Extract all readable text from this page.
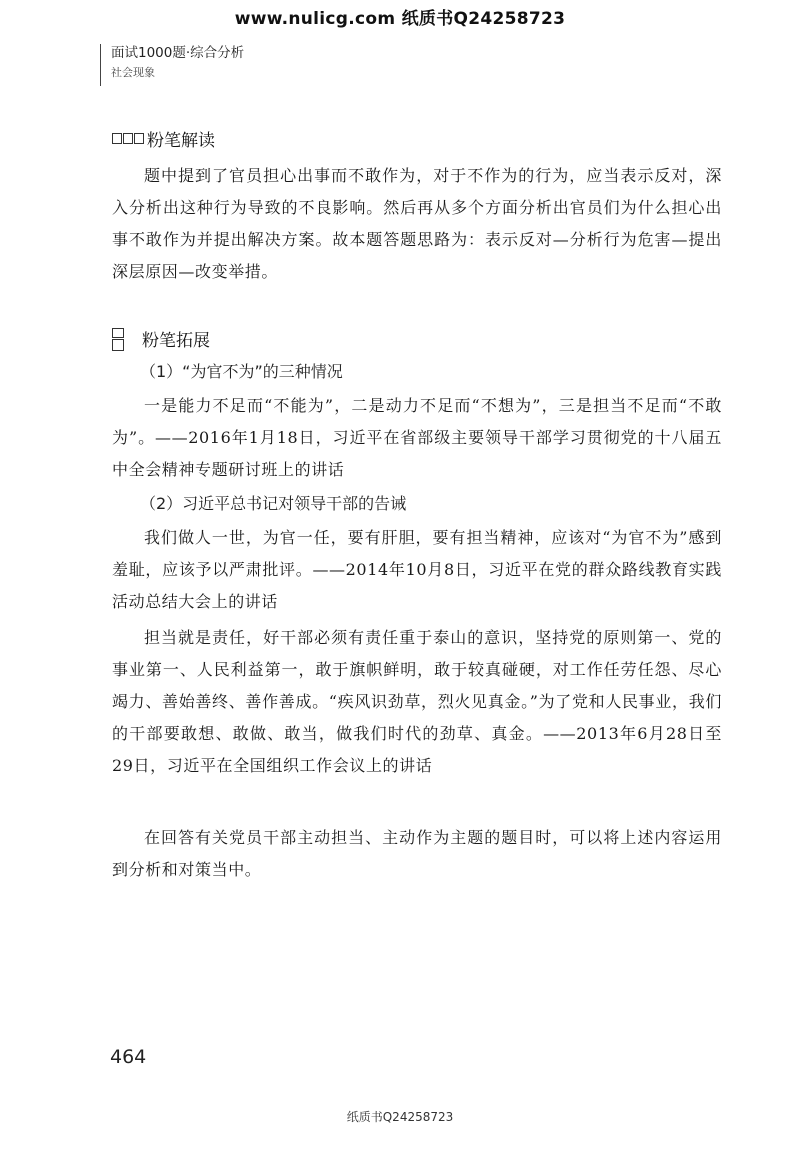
www.nulicg.com 纸质书Q24258723
面试1000题·综合分析
社会现象
粉笔解读
题中提到了官员担心出事而不敢作为，对于不作为的行为，应当表示反对，深入分析出这种行为导致的不良影响。然后再从多个方面分析出官员们为什么担心出事不敢作为并提出解决方案。故本题答题思路为：表示反对—分析行为危害—提出深层原因—改变举措。
粉笔拓展
（1）“为官不为”的三种情况
一是能力不足而“不能为”，二是动力不足而“不想为”，三是担当不足而“不敢为”。——2016年1月18日，习近平在省部级主要领导干部学习贯彻党的十八届五中全会精神专题研讨班上的讲话
（2）习近平总书记对领导干部的告诫
我们做人一世，为官一任，要有肝胆，要有担当精神，应该对“为官不为”感到羞耻，应该予以严肃批评。——2014年10月8日，习近平在党的群众路线教育实践活动总结大会上的讲话
担当就是责任，好干部必须有责任重于泰山的意识，坚持党的原则第一、党的事业第一、人民利益第一，敢于旗帜鲜明，敢于较真碰硬，对工作任劳任怨、尽心竭力、善始善终、善作善成。“疾风识劲草，烈火见真金。”为了党和人民事业，我们的干部要敢想、敢做、敢当，做我们时代的劲草、真金。——2013年6月28日至29日，习近平在全国组织工作会议上的讲话
在回答有关党员干部主动担当、主动作为主题的题目时，可以将上述内容运用到分析和对策当中。
464
纸质书Q24258723
